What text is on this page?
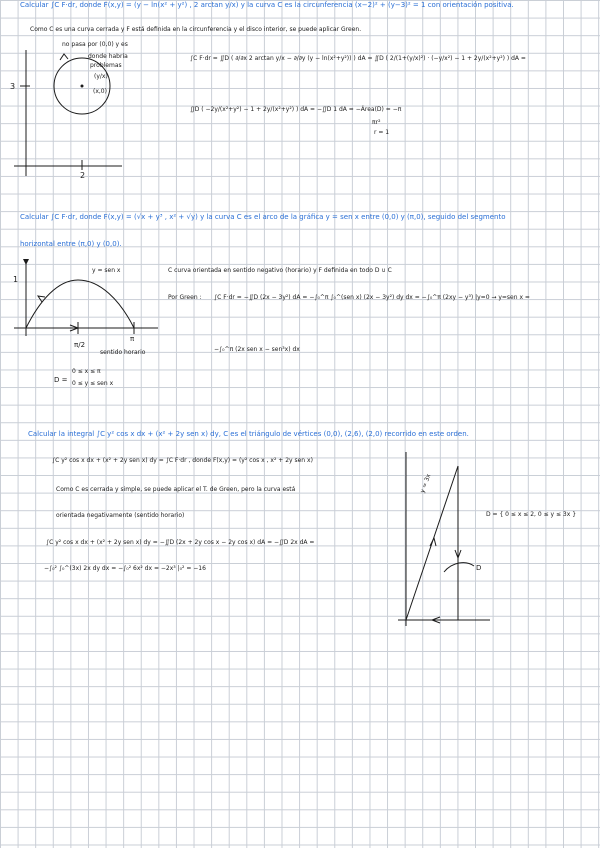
Calcular ∫C F·dr, donde F(x,y) = (y − ln(x² + y²) , 2 arctan y/x) y la curva C es la circunferencia (x−2)² + (y−3)² = 1 con orientación positiva.
Como C es una curva cerrada y F está definida en la circunferencia y el disco interior, se puede aplicar Green.
no pasa por (0,0) y es
donde habría
problemas
(y/x)
(x,0)
3
2
∫C F·dr = ∬D ( ∂/∂x 2 arctan y/x − ∂/∂y (y − ln(x²+y²)) ) dA = ∬D ( 2/(1+(y/x)²) · (−y/x²) − 1 + 2y/(x²+y²) ) dA =
∬D ( −2y/(x²+y²) − 1 + 2y/(x²+y²) ) dA = −∬D 1 dA = −Área(D) = −π
πr²
r = 1
Calcular ∫C F·dr, donde F(x,y) = (√x + y³ , x² + √y) y la curva C es el arco de la gráfica y = sen x entre (0,0) y (π,0), seguido del segmento
horizontal entre (π,0) y (0,0).
y = sen x
1
π/2
π
sentido horario
D =
0 ≤ x ≤ π
0 ≤ y ≤ sen x
C curva orientada en sentido negativo (horario) y F definida en todo D ∪ C
Por Green : ∫C F·dr = −∬D (2x − 3y²) dA = −∫₀^π ∫₀^(sen x) (2x − 3y²) dy dx = −∫₀^π (2xy − y³) |y=0 → y=sen x =
−∫₀^π (2x sen x − sen³x) dx
Calcular la integral ∫C y² cos x dx + (x² + 2y sen x) dy, C es el triángulo de vértices (0,0), (2,6), (2,0) recorrido en este orden.
∫C y² cos x dx + (x² + 2y sen x) dy = ∫C F·dr , donde F(x,y) = (y² cos x , x² + 2y sen x)
Como C es cerrada y simple, se puede aplicar el T. de Green, pero la curva está
orientada negativamente (sentido horario)
∫C y² cos x dx + (x² + 2y sen x) dy = −∬D (2x + 2y cos x − 2y cos x) dA = −∬D 2x dA =
−∫₀² ∫₀^(3x) 2x dy dx = −∫₀² 6x² dx = −2x³ |₀² = −16	D
D = { 0 ≤ x ≤ 2, 0 ≤ y ≤ 3x }
y = 3x
